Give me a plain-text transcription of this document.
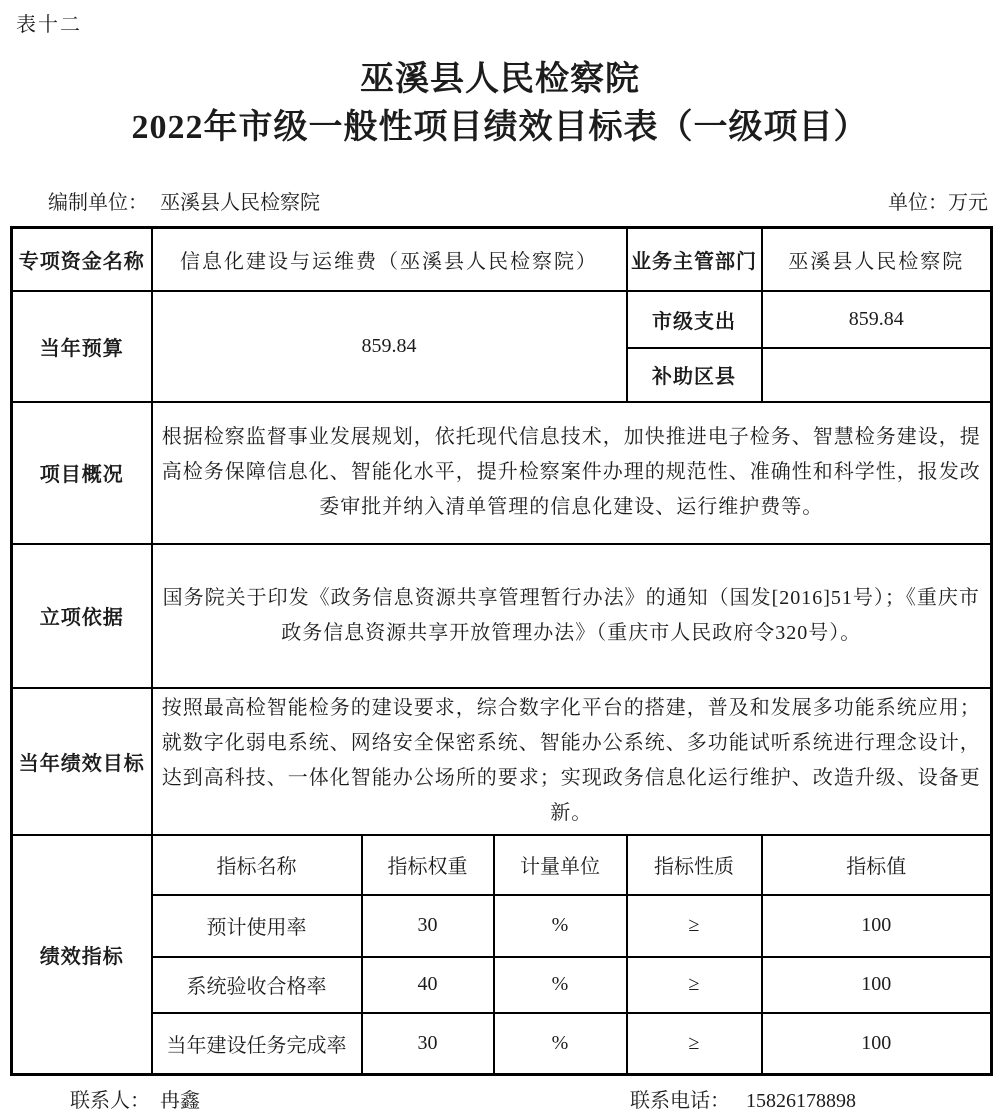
表十二
巫溪县人民检察院
2022年市级一般性项目绩效目标表（一级项目）
编制单位： 巫溪县人民检察院	单位：万元
专项资金名称	信息化建设与运维费（巫溪县人民检察院）			业务主管部门	巫溪县人民检察院
当年预算	859.84			市级支出	859.84
				补助区县	
项目概况	根据检察监督事业发展规划，依托现代信息技术，加快推进电子检务、智慧检务建设，提高检务保障信息化、智能化水平，提升检察案件办理的规范性、准确性和科学性，报发改委审批并纳入清单管理的信息化建设、运行维护费等。				
立项依据	国务院关于印发《政务信息资源共享管理暂行办法》的通知（国发[2016]51号）；《重庆市政务信息资源共享开放管理办法》（重庆市人民政府令320号）。				
当年绩效目标	按照最高检智能检务的建设要求，综合数字化平台的搭建，普及和发展多功能系统应用；就数字化弱电系统、网络安全保密系统、智能办公系统、多功能试听系统进行理念设计，达到高科技、一体化智能办公场所的要求；实现政务信息化运行维护、改造升级、设备更新。				
绩效指标	指标名称	指标权重	计量单位	指标性质	指标值
	预计使用率	30	%	≥	100
	系统验收合格率	40	%	≥	100
	当年建设任务完成率	30	%	≥	100
联系人： 冉鑫	联系电话： 15826178898
